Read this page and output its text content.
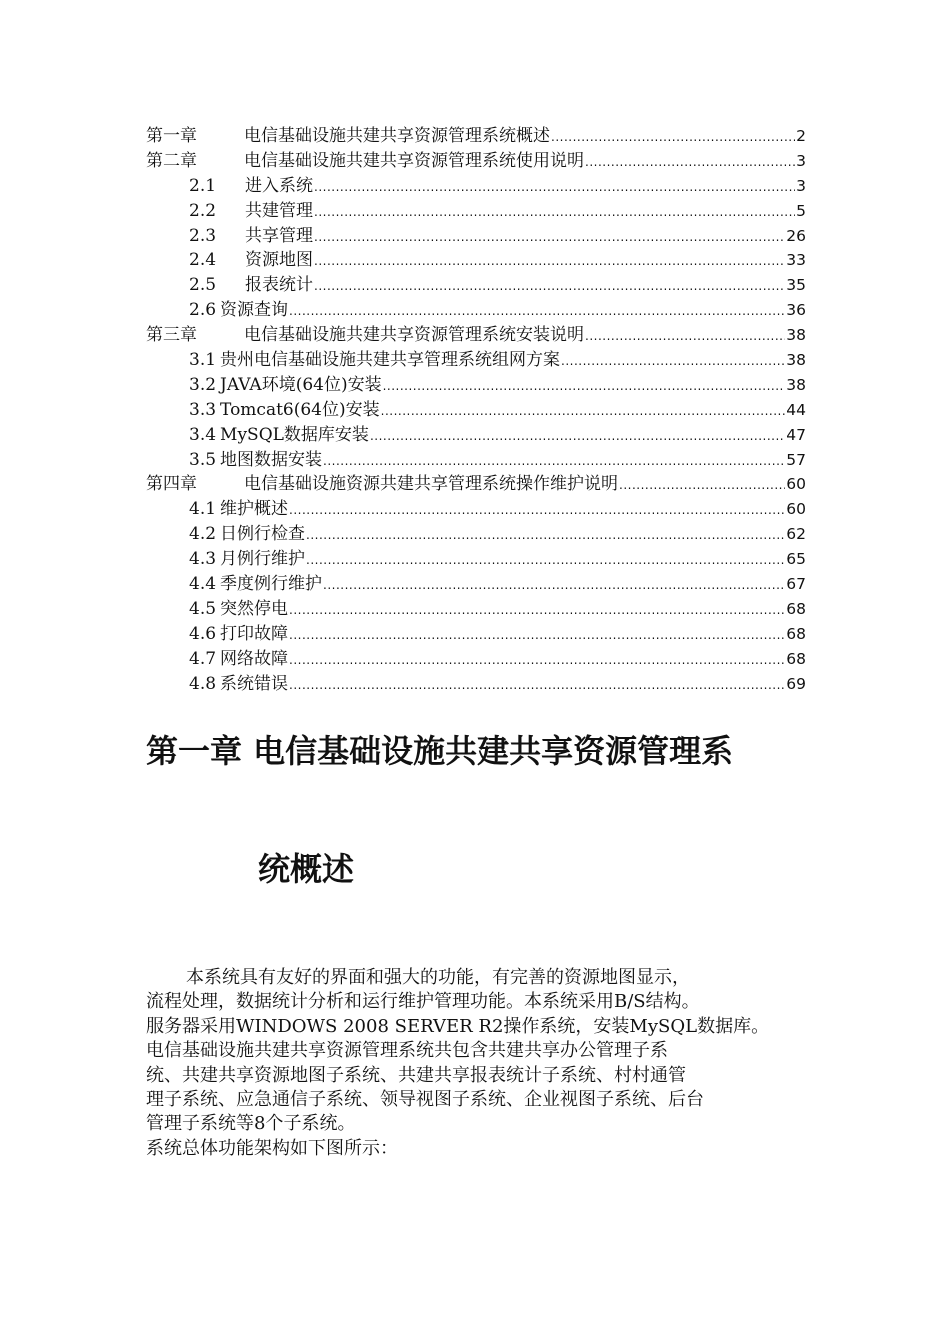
第一章	电信基础设施共建共享资源管理系统概述 .....	2
第二章	电信基础设施共建共享资源管理系统使用说明 .....	3
2.1	进入系统 .....	3
2.2	共建管理 .....	5
2.3	共享管理 .....	26
2.4	资源地图 .....	33
2.5	报表统计 .....	35
2.6 资源查询 .....	36
第三章	电信基础设施共建共享资源管理系统安装说明 .....	38
3.1 贵州电信基础设施共建共享管理系统组网方案 .....	38
3.2 JAVA环境(64位)安装 .....	38
3.3 Tomcat6(64位)安装 .....	44
3.4 MySQL数据库安装 .....	47
3.5 地图数据安装 .....	57
第四章	电信基础设施资源共建共享管理系统操作维护说明 .....	60
4.1 维护概述 .....	60
4.2 日例行检查 .....	62
4.3 月例行维护 .....	65
4.4 季度例行维护 .....	67
4.5 突然停电 .....	68
4.6 打印故障 .....	68
4.7 网络故障 .....	68
4.8 系统错误 .....	69
第一章 电信基础设施共建共享资源管理系
统概述

本系统具有友好的界面和强大的功能，有完善的资源地图显示，

流程处理，数据统计分析和运行维护管理功能。本系统采用B/S结构。

服务器采用WINDOWS 2008 SERVER R2操作系统，安装MySQL数据库。

电信基础设施共建共享资源管理系统共包含共建共享办公管理子系

统、共建共享资源地图子系统、共建共享报表统计子系统、村村通管

理子系统、应急通信子系统、领导视图子系统、企业视图子系统、后台

管理子系统等8个子系统。

系统总体功能架构如下图所示：
